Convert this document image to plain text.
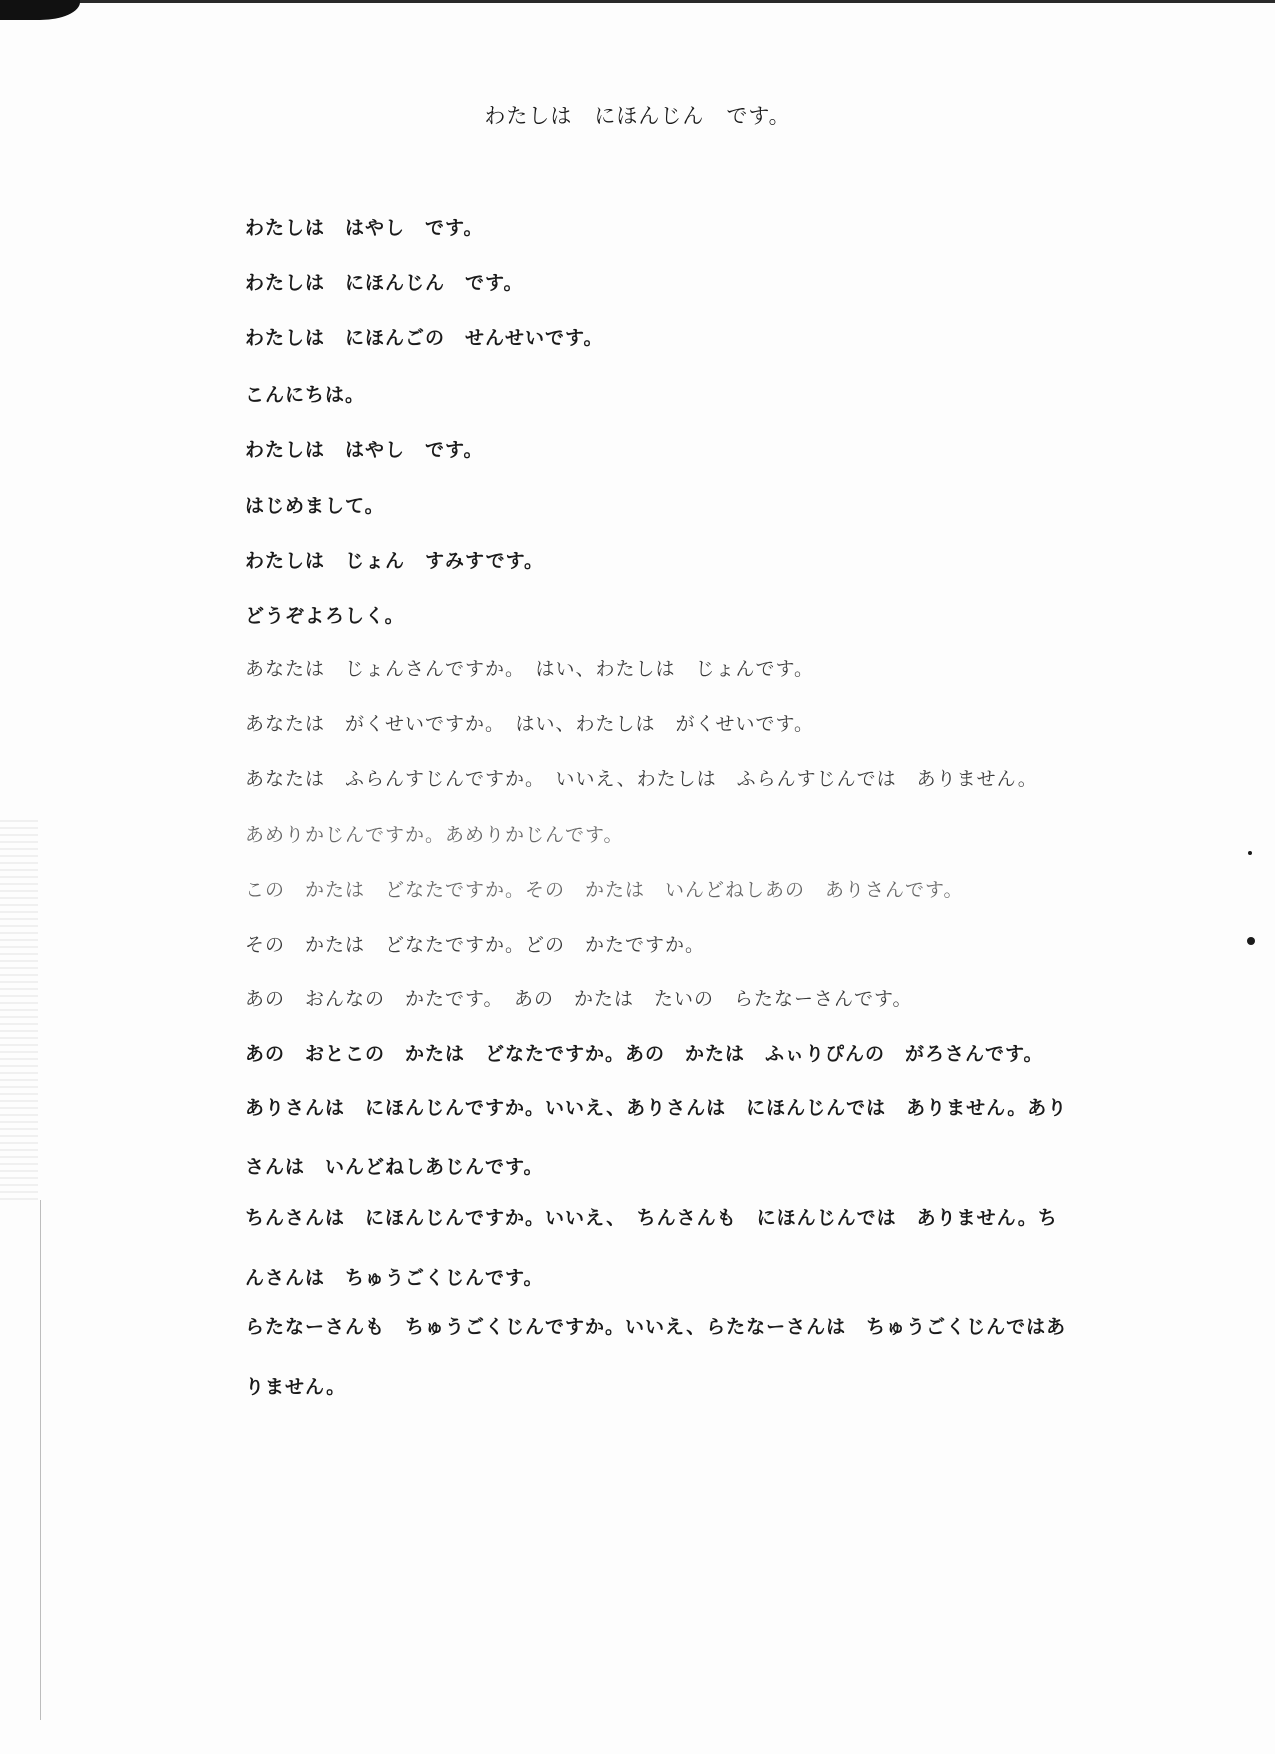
わたしは　にほんじん　です。
わたしは　はやし　です。
わたしは　にほんじん　です。
わたしは　にほんごの　せんせいです。
こんにちは。
わたしは　はやし　です。
はじめまして。
わたしは　じょん　すみすです。
どうぞよろしく。
あなたは　じょんさんですか。　はい、わたしは　じょんです。
あなたは　がくせいですか。　はい、わたしは　がくせいです。
あなたは　ふらんすじんですか。　いいえ、わたしは　ふらんすじんでは　ありません。
あめりかじんですか。あめりかじんです。
この　かたは　どなたですか。その　かたは　いんどねしあの　ありさんです。
その　かたは　どなたですか。どの　かたですか。
あの　おんなの　かたです。　あの　かたは　たいの　らたなーさんです。
あの　おとこの　かたは　どなたですか。あの　かたは　ふぃりぴんの　がろさんです。
ありさんは　にほんじんですか。いいえ、ありさんは　にほんじんでは　ありません。あり
さんは　いんどねしあじんです。
ちんさんは　にほんじんですか。いいえ、　ちんさんも　にほんじんでは　ありません。ち
んさんは　ちゅうごくじんです。
らたなーさんも　ちゅうごくじんですか。いいえ、らたなーさんは　ちゅうごくじんではあ
りません。
